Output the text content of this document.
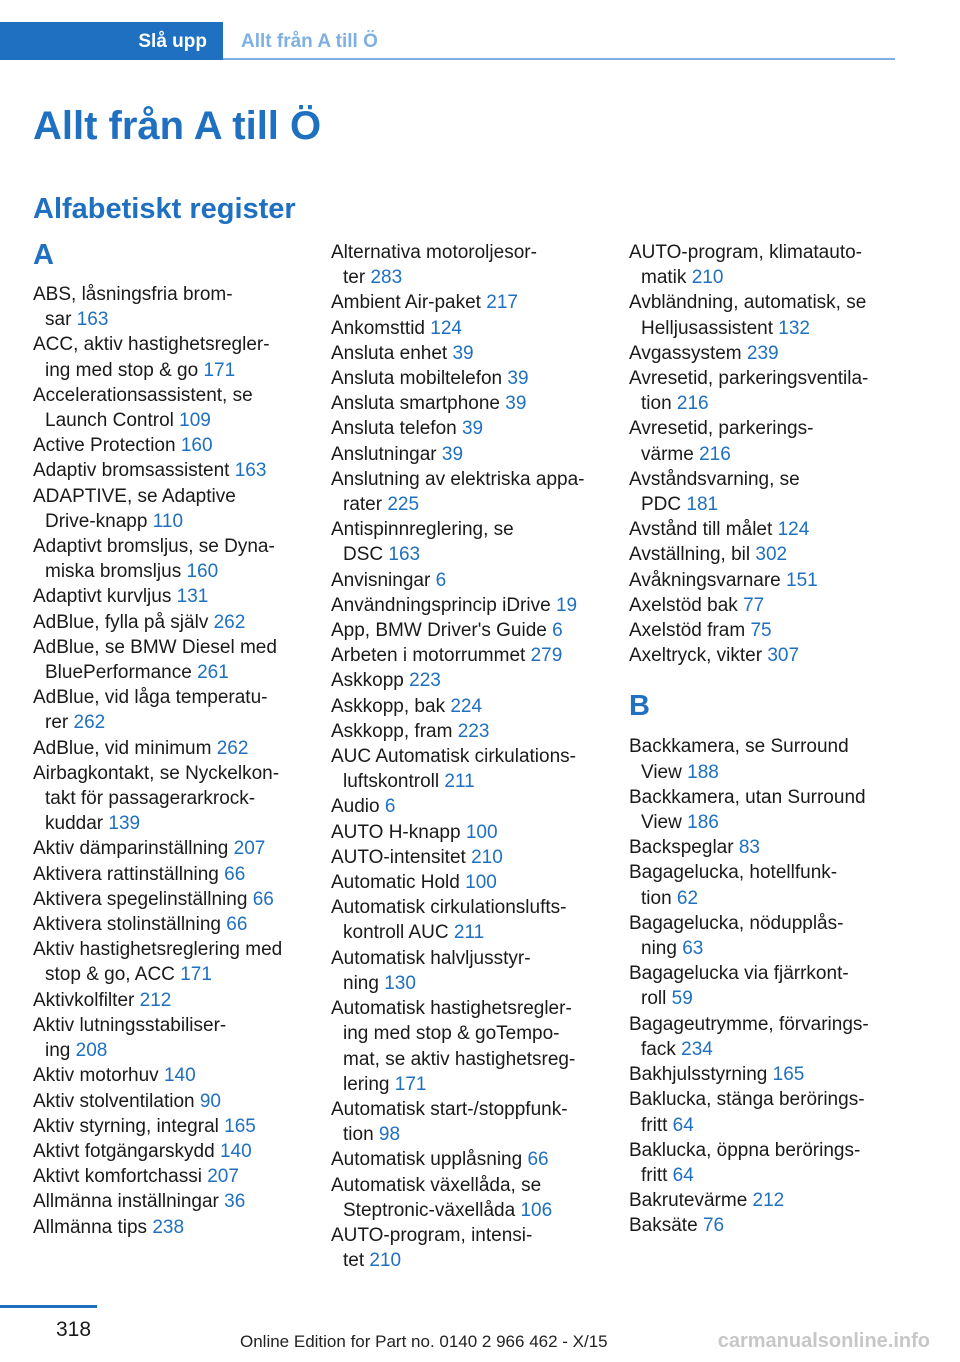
Slå upp Allt från A till Ö
Allt från A till Ö
Alfabetiskt register
A
ABS, låsningsfria brom-
sar 163
ACC, aktiv hastighetsregler-
ing med stop & go 171
Accelerationsassistent, se
Launch Control 109
Active Protection 160
Adaptiv bromsassistent 163
ADAPTIVE, se Adaptive
Drive-knapp 110
Adaptivt bromsljus, se Dyna-
miska bromsljus 160
Adaptivt kurvljus 131
AdBlue, fylla på själv 262
AdBlue, se BMW Diesel med
BluePerformance 261
AdBlue, vid låga temperatu-
rer 262
AdBlue, vid minimum 262
Airbagkontakt, se Nyckelkon-
takt för passagerarkrock-
kuddar 139
Aktiv dämparinställning 207
Aktivera rattinställning 66
Aktivera spegelinställning 66
Aktivera stolinställning 66
Aktiv hastighetsreglering med
stop & go, ACC 171
Aktivkolfilter 212
Aktiv lutningsstabiliser-
ing 208
Aktiv motorhuv 140
Aktiv stolventilation 90
Aktiv styrning, integral 165
Aktivt fotgängarskydd 140
Aktivt komfortchassi 207
Allmänna inställningar 36
Allmänna tips 238
Alternativa motoroljesor-
ter 283
Ambient Air-paket 217
Ankomsttid 124
Ansluta enhet 39
Ansluta mobiltelefon 39
Ansluta smartphone 39
Ansluta telefon 39
Anslutningar 39
Anslutning av elektriska appa-
rater 225
Antispinnreglering, se
DSC 163
Anvisningar 6
Användningsprincip iDrive 19
App, BMW Driver's Guide 6
Arbeten i motorrummet 279
Askkopp 223
Askkopp, bak 224
Askkopp, fram 223
AUC Automatisk cirkulations-
luftskontroll 211
Audio 6
AUTO H-knapp 100
AUTO-intensitet 210
Automatic Hold 100
Automatisk cirkulationslufts-
kontroll AUC 211
Automatisk halvljusstyr-
ning 130
Automatisk hastighetsregler-
ing med stop & goTempo-
mat, se aktiv hastighetsreg-
lering 171
Automatisk start-/stoppfunk-
tion 98
Automatisk upplåsning 66
Automatisk växellåda, se
Steptronic-växellåda 106
AUTO-program, intensi-
tet 210
AUTO-program, klimatauto-
matik 210
Avbländning, automatisk, se
Helljusassistent 132
Avgassystem 239
Avresetid, parkeringsventila-
tion 216
Avresetid, parkerings-
värme 216
Avståndsvarning, se
PDC 181
Avstånd till målet 124
Avställning, bil 302
Avåkningsvarnare 151
Axelstöd bak 77
Axelstöd fram 75
Axeltryck, vikter 307
B
Backkamera, se Surround
View 188
Backkamera, utan Surround
View 186
Backspeglar 83
Bagagelucka, hotellfunk-
tion 62
Bagagelucka, nödupplås-
ning 63
Bagagelucka via fjärrkont-
roll 59
Bagageutrymme, förvarings-
fack 234
Bakhjulsstyrning 165
Baklucka, stänga berörings-
fritt 64
Baklucka, öppna berörings-
fritt 64
Bakrutevärme 212
Baksäte 76
318
Online Edition for Part no. 0140 2 966 462 - X/15	carmanualsonline.info
